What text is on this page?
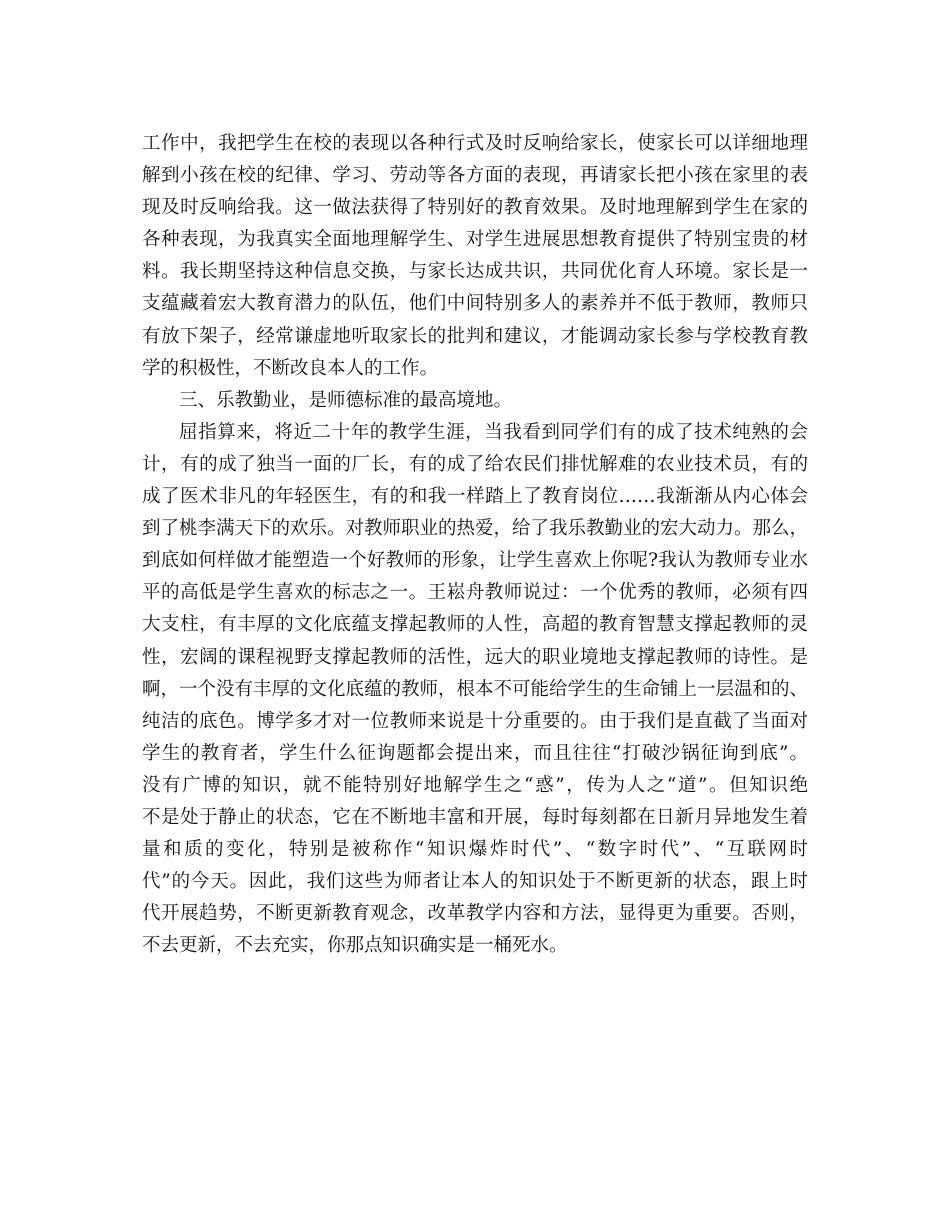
工作中，我把学生在校的表现以各种行式及时反响给家长，使家长可以详细地理
解到小孩在校的纪律、学习、劳动等各方面的表现，再请家长把小孩在家里的表
现及时反响给我。这一做法获得了特别好的教育效果。及时地理解到学生在家的
各种表现，为我真实全面地理解学生、对学生进展思想教育提供了特别宝贵的材
料。我长期坚持这种信息交换，与家长达成共识，共同优化育人环境。家长是一
支蕴藏着宏大教育潜力的队伍，他们中间特别多人的素养并不低于教师，教师只
有放下架子，经常谦虚地听取家长的批判和建议，才能调动家长参与学校教育教
学的积极性，不断改良本人的工作。
三、乐教勤业，是师德标准的最高境地。
屈指算来，将近二十年的教学生涯，当我看到同学们有的成了技术纯熟的会
计，有的成了独当一面的厂长，有的成了给农民们排忧解难的农业技术员，有的
成了医术非凡的年轻医生，有的和我一样踏上了教育岗位……我渐渐从内心体会
到了桃李满天下的欢乐。对教师职业的热爱，给了我乐教勤业的宏大动力。那么，
到底如何样做才能塑造一个好教师的形象，让学生喜欢上你呢?我认为教师专业水
平的高低是学生喜欢的标志之一。王崧舟教师说过：一个优秀的教师，必须有四
大支柱，有丰厚的文化底蕴支撑起教师的人性，高超的教育智慧支撑起教师的灵
性，宏阔的课程视野支撑起教师的活性，远大的职业境地支撑起教师的诗性。是
啊，一个没有丰厚的文化底蕴的教师，根本不可能给学生的生命铺上一层温和的、
纯洁的底色。博学多才对一位教师来说是十分重要的。由于我们是直截了当面对
学生的教育者，学生什么征询题都会提出来，而且往往“打破沙锅征询到底”。
没有广博的知识，就不能特别好地解学生之“惑”，传为人之“道”。但知识绝
不是处于静止的状态，它在不断地丰富和开展，每时每刻都在日新月异地发生着
量和质的变化，特别是被称作“知识爆炸时代”、“数字时代”、“互联网时
代”的今天。因此，我们这些为师者让本人的知识处于不断更新的状态，跟上时
代开展趋势，不断更新教育观念，改革教学内容和方法，显得更为重要。否则，
不去更新，不去充实，你那点知识确实是一桶死水。
